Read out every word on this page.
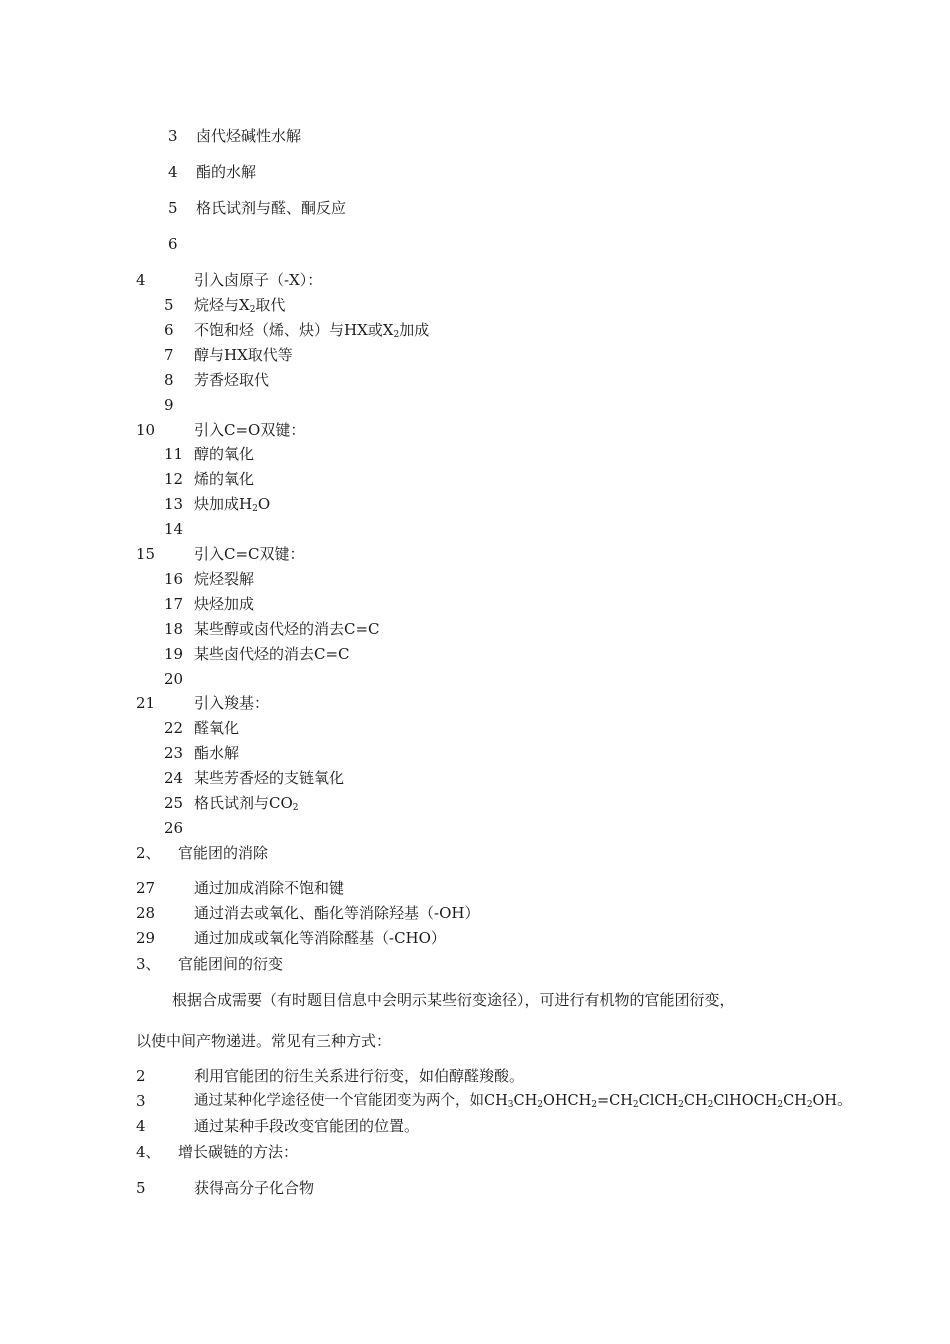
3 卤代烃碱性水解
4 酯的水解
5 格氏试剂与醛、酮反应
6
4	引入卤原子（-X）：
5 烷烃与$X_2$取代
6 不饱和烃（烯、炔）与HX或$X_2$加成
7 醇与HX取代等
8 芳香烃取代
9
10	引入C=O双键：
11 醇的氧化
12 烯的氧化
13 炔加成$H_2O$
14
15	引入C=C双键：
16 烷烃裂解
17 炔烃加成
18 某些醇或卤代烃的消去C=C
19 某些卤代烃的消去C=C
20
21	引入羧基：
22 醛氧化
23 酯水解
24 某些芳香烃的支链氧化
25 格氏试剂与$CO_2$
26
2、 官能团的消除
27	通过加成消除不饱和键
28	通过消去或氧化、酯化等消除羟基（-OH）
29	通过加成或氧化等消除醛基（-CHO）
3、 官能团间的衍变
根据合成需要（有时题目信息中会明示某些衍变途径），可进行有机物的官能团衍变，
以使中间产物递进。常见有三种方式：
2	利用官能团的衍生关系进行衍变，如伯醇醛羧酸。
3	通过某种化学途径使一个官能团变为两个，如$CH_3CH_2OHCH_2=CH_2ClCH_2CH_2ClHOCH_2CH_2OH$。
4	通过某种手段改变官能团的位置。
4、 增长碳链的方法：
5	获得高分子化合物
